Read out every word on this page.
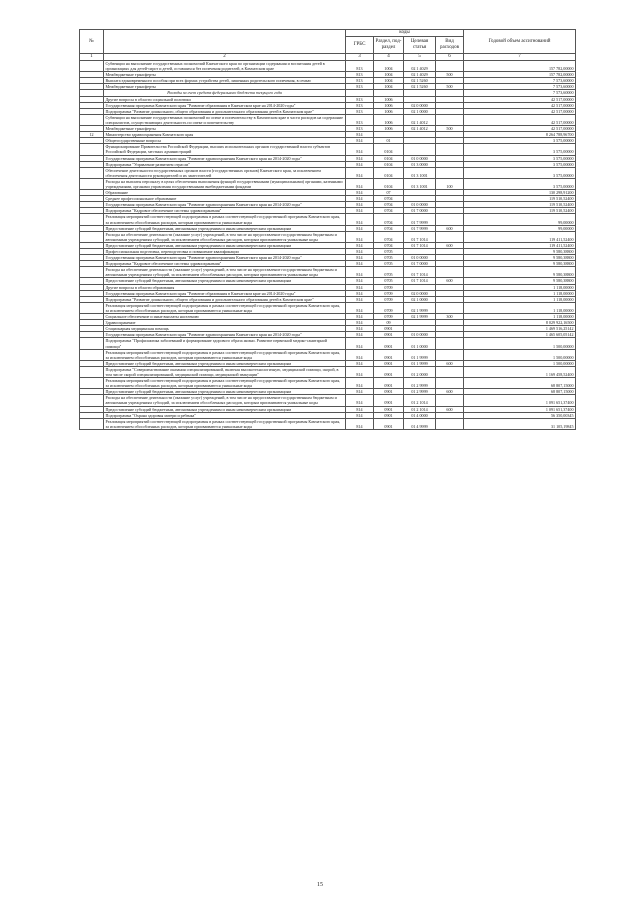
№		коды				Годовой объем ассигнований
		ГРБС	Раздел, под-раздел	Целевая статья	Вид расходов	
1	2	3	4	5	6	7
	Субвенции на выполнение государственных полномочий Камчатского края по организации содержания и воспитания детей в организациях для детей-сирот и детей, оставшихся без попечения родителей, в Камчатском крае	813	1004	02 1 4029		157 782,00000
	Межбюджетные трансферты	813	1004	02 1 4029	500	157 782,00000
	Выплата единовременного пособия при всех формах устройства детей, лишенных родительского попечения, в семью	813	1004	02 1 5260		7 573,60000
	Межбюджетные трансферты	813	1004	02 1 5260	500	7 573,60000
	Расходы за счет средств федерального бюджета текущего года					7 573,60000
	Другие вопросы в области социальной политики	813	1006			42 517,00000
	Государственная программа Камчатского края "Развитие образования в Камчатском крае на 2014-2020 годы"	813	1006	02 0 0000		42 517,00000
	Подпрограмма "Развитие дошкольного, общего образования и дополнительного образования детей в Камчатском крае"	813	1006	02 1 0000		42 517,00000
	Субвенции на выполнение государственных полномочий по опеке и попечительству в Камчатском крае в части расходов на содержание специалистов, осуществляющих деятельность по опеке и попечительству	813	1006	02 1 4012		42 517,00000
	Межбюджетные трансферты	813	1006	02 1 4012	500	42 517,00000
12	Министерство здравоохранения Камчатского края	814				8 264 788,96700
	Общегосударственные вопросы	814	01			3 575,00000
	Функционирование Правительства Российской Федерации, высших исполнительных органов государственной власти субъектов Российской Федерации, местных администраций	814	0104			3 575,00000
	Государственная программа Камчатского края "Развитие здравоохранения Камчатского края на 2014-2020 годы"	814	0104	01 0 0000		3 575,00000
	Подпрограмма "Управление развитием отрасли"	814	0104	01 3 0000		3 575,00000
	Обеспечение деятельности государственных органов власти (государственных органов) Камчатского края, за исключением обеспечения деятельности руководителей и их заместителей	814	0104	01 3 1001		3 575,00000
	Расходы на выплаты персоналу в целях обеспечения выполнения функций государственными (муниципальными) органами, казенными учреждениями, органами управления государственными внебюджетными фондами	814	0104	01 3 1001	100	3 575,00000
	Образование	814	07			130 298,91200
	Среднее профессиональное образование	814	0704			119 510,52400
	Государственная программа Камчатского края "Развитие здравоохранения Камчатского края на 2014-2020 годы"	814	0704	01 0 0000		119 510,52400
	Подпрограмма "Кадровое обеспечение системы здравоохранения"	814	0704	01 7 0000		119 510,52400
	Реализация мероприятий соответствующей подпрограммы в рамках соответствующей государственной программы Камчатского края, за исключением обособленных расходов, которым присваиваются уникальные коды	814	0704	01 7 9999		99,00000
	Предоставление субсидий бюджетным, автономным учреждениям и иным некоммерческим организациям	814	0704	01 7 9999	600	99,00000
	Расходы на обеспечение деятельности (оказание услуг) учреждений, в том числе на предоставление государственным бюджетным и автономным учреждениям субсидий, за исключением обособленных расходов, которым присваиваются уникальные коды	814	0704	01 7 1014		119 411,52400
	Предоставление субсидий бюджетным, автономным учреждениям и иным некоммерческим организациям	814	0704	01 7 1014	600	119 411,52400
	Профессиональная подготовка, переподготовка и повышение квалификации	814	0705			9 580,38800
	Государственная программа Камчатского края "Развитие здравоохранения Камчатского края на 2014-2020 годы"	814	0705	01 0 0000		9 580,38800
	Подпрограмма "Кадровое обеспечение системы здравоохранения"	814	0705	01 7 0000		9 580,38800
	Расходы на обеспечение деятельности (оказание услуг) учреждений, в том числе на предоставление государственным бюджетным и автономным учреждениям субсидий, за исключением обособленных расходов, которым присваиваются уникальные коды	814	0705	01 7 1014		9 580,38800
	Предоставление субсидий бюджетным, автономным учреждениям и иным некоммерческим организациям	814	0705	01 7 1014	600	9 580,38800
	Другие вопросы в области образования	814	0709			1 118,00000
	Государственная программа Камчатского края "Развитие образования в Камчатском крае на 2014-2020 годы"	814	0709	02 0 0000		1 118,00000
	Подпрограмма "Развитие дошкольного, общего образования и дополнительного образования детей в Камчатском крае"	814	0709	02 1 0000		1 118,00000
	Реализация мероприятий соответствующей подпрограммы в рамках соответствующей государственной программы Камчатского края, за исключением обособленных расходов, которым присваиваются уникальные коды	814	0709	02 1 9999		1 118,00000
	Социальное обеспечение и иные выплаты населению	814	0709	02 1 9999	300	1 118,00000
	Здравоохранение	814	09			8 029 922,16500
	Стационарная медицинская помощь	814	0901			1 469 516,25142
	Государственная программа Камчатского края "Развитие здравоохранения Камчатского края на 2014-2020 годы"	814	0901	01 0 0000		1 465 605,05142
	Подпрограмма "Профилактика заболеваний и формирование здорового образа жизни. Развитие первичной медико-санитарной помощи"	814	0901	01 1 0000		1 500,00000
	Реализация мероприятий соответствующей подпрограммы в рамках соответствующей государственной программы Камчатского края, за исключением обособленных расходов, которым присваиваются уникальные коды	814	0901	01 1 9999		1 500,00000
	Предоставление субсидий бюджетным, автономным учреждениям и иным некоммерческим организациям	814	0901	01 1 9999	600	1 500,00000
	Подпрограмма "Совершенствование оказания специализированной, включая высокотехнологичную, медицинской помощи, скорой, в том числе скорой специализированной, медицинской помощи, медицинской эвакуации"	814	0901	01 2 0000		1 169 458,52400
	Реализация мероприятий соответствующей подпрограммы в рамках соответствующей государственной программы Камчатского края, за исключением обособленных расходов, которым присваиваются уникальные коды	814	0901	01 2 9999		68 807,15000
	Предоставление субсидий бюджетным, автономным учреждениям и иным некоммерческим организациям	814	0901	01 2 9999	600	68 807,15000
	Расходы на обеспечение деятельности (оказание услуг) учреждений, в том числе на предоставление государственным бюджетным и автономным учреждениям субсидий, за исключением обособленных расходов, которым присваиваются уникальные коды	814	0901	01 2 1014		1 091 651,37400
	Предоставление субсидий бюджетным, автономным учреждениям и иным некоммерческим организациям	814	0901	01 2 1014	600	1 091 651,37400
	Подпрограмма "Охрана здоровья матери и ребенка"	814	0901	01 4 0000		56 350,00345
	Реализация мероприятий соответствующей подпрограммы в рамках соответствующей государственной программы Камчатского края, за исключением обособленных расходов, которым присваиваются уникальные коды	814	0901	01 4 9999		31 105,19845
15
